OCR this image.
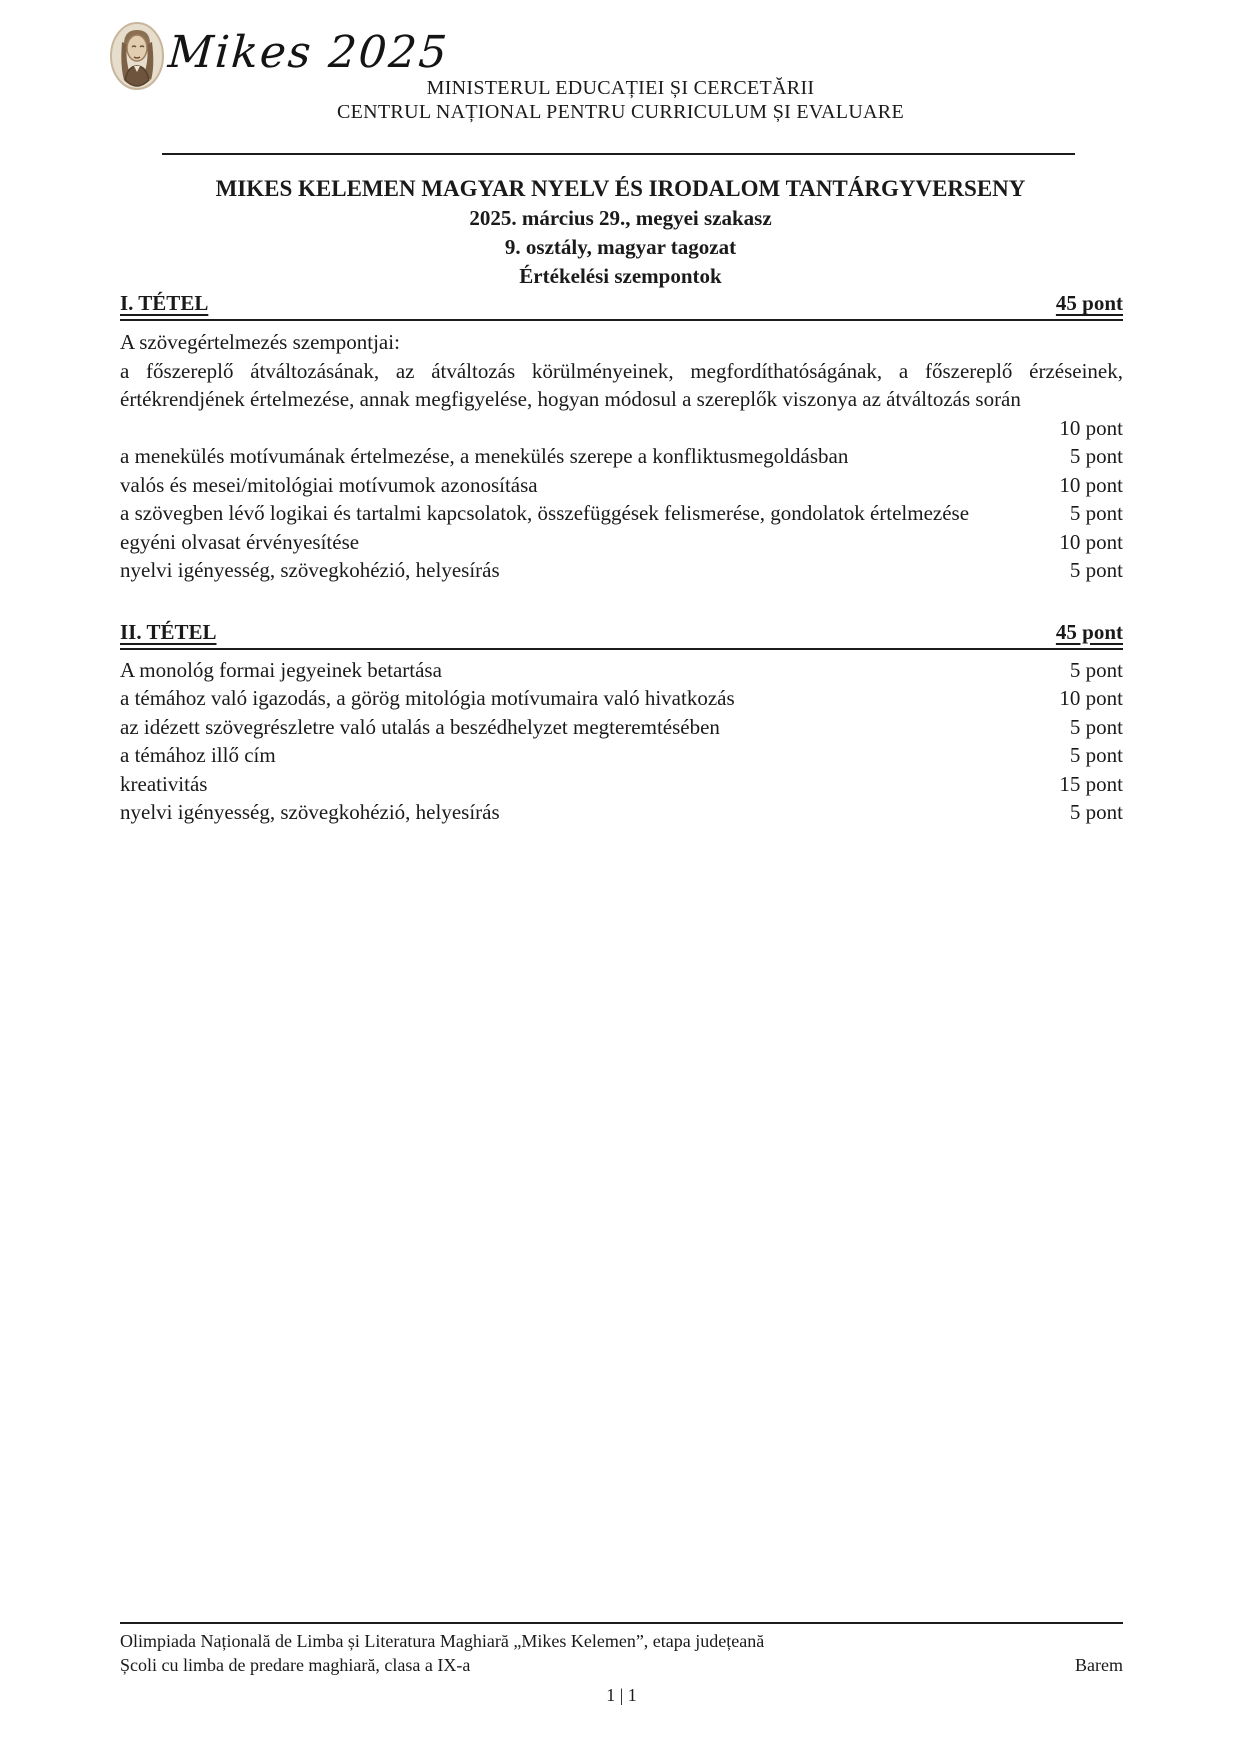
Mikes 2025
MINISTERUL EDUCAȚIEI ȘI CERCETĂRII
CENTRUL NAȚIONAL PENTRU CURRICULUM ȘI EVALUARE
MIKES KELEMEN MAGYAR NYELV ÉS IRODALOM TANTÁRGYVERSENY
2025. március 29., megyei szakasz
9. osztály, magyar tagozat
Értékelési szempontok
I. TÉTEL	45 pont
A szövegértelmezés szempontjai:
a főszereplő átváltozásának, az átváltozás körülményeinek, megfordíthatóságának, a főszereplő érzéseinek, értékrendjének értelmezése, annak megfigyelése, hogyan módosul a szereplők viszonya az átváltozás során
10 pont
a menekülés motívumának értelmezése, a menekülés szerepe a konfliktusmegoldásban	5 pont
valós és mesei/mitológiai motívumok azonosítása	10 pont
a szövegben lévő logikai és tartalmi kapcsolatok, összefüggések felismerése, gondolatok értelmezése	5 pont
egyéni olvasat érvényesítése	10 pont
nyelvi igényesség, szövegkohézió, helyesírás	5 pont
II. TÉTEL	45 pont
A monológ formai jegyeinek betartása	5 pont
a témához való igazodás, a görög mitológia motívumaira való hivatkozás	10 pont
az idézett szövegrészletre való utalás a beszédhelyzet megteremtésében	5 pont
a témához illő cím	5 pont
kreativitás	15 pont
nyelvi igényesség, szövegkohézió, helyesírás	5 pont
Olimpiada Națională de Limba și Literatura Maghiară „Mikes Kelemen”, etapa județeană
Școli cu limba de predare maghiară, clasa a IX-a	Barem
1 | 1
